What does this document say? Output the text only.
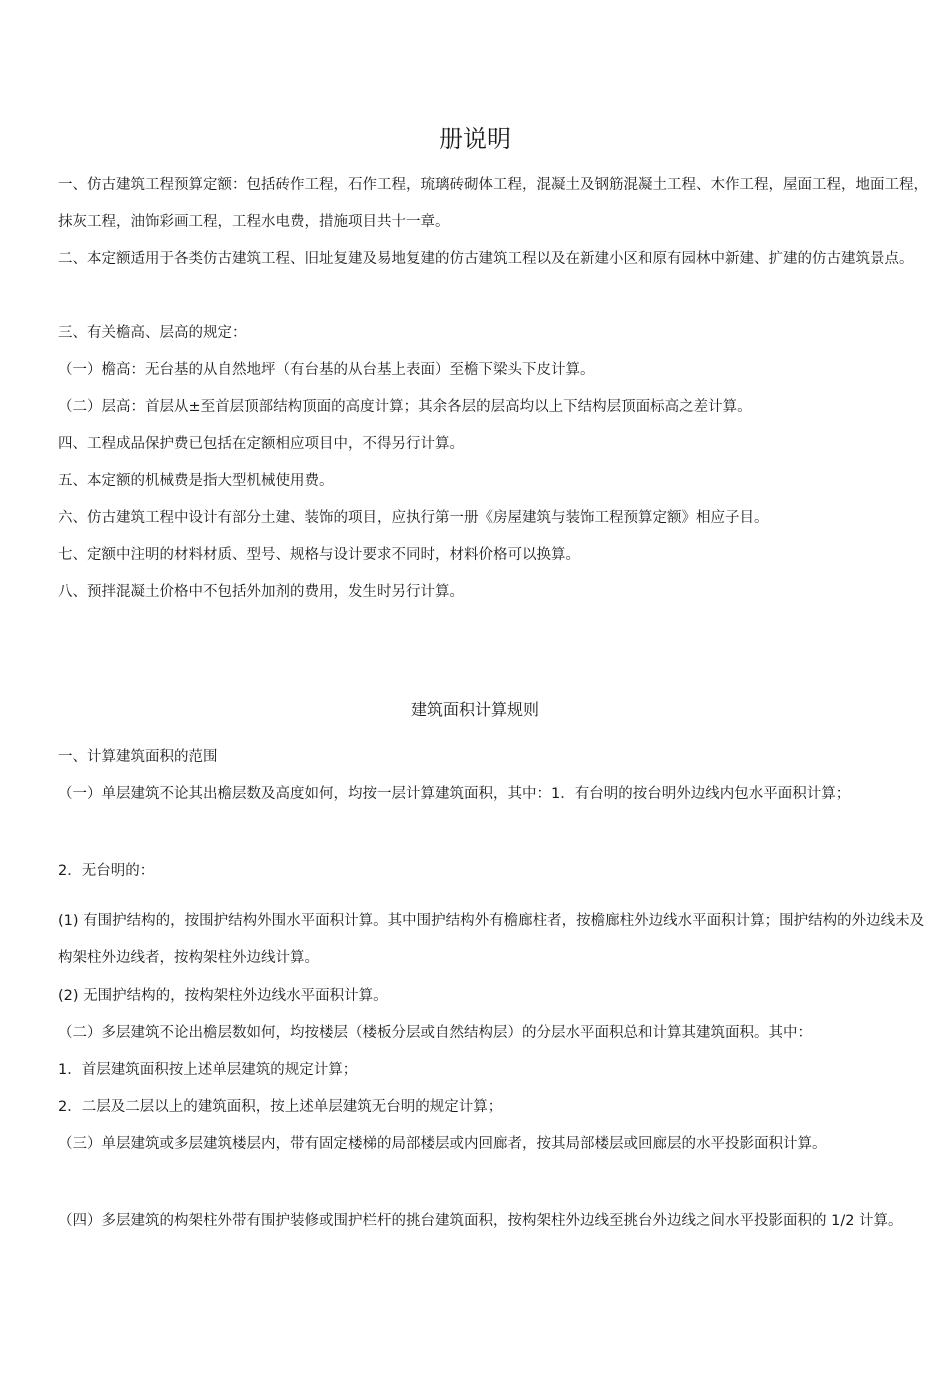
册说明
一、仿古建筑工程预算定额：包括砖作工程，石作工程，琉璃砖砌体工程，混凝土及钢筋混凝土工程、木作工程，屋面工程，地面工程，抹灰工程，油饰彩画工程，工程水电费，措施项目共十一章。
二、本定额适用于各类仿古建筑工程、旧址复建及易地复建的仿古建筑工程以及在新建小区和原有园林中新建、扩建的仿古建筑景点。
三、有关檐高、层高的规定：
（一）檐高：无台基的从自然地坪（有台基的从台基上表面）至檐下梁头下皮计算。
（二）层高：首层从±至首层顶部结构顶面的高度计算；其余各层的层高均以上下结构层顶面标高之差计算。
四、工程成品保护费已包括在定额相应项目中，不得另行计算。
五、本定额的机械费是指大型机械使用费。
六、仿古建筑工程中设计有部分土建、装饰的项目，应执行第一册《房屋建筑与装饰工程预算定额》相应子目。
七、定额中注明的材料材质、型号、规格与设计要求不同时，材料价格可以换算。
八、预拌混凝土价格中不包括外加剂的费用，发生时另行计算。
建筑面积计算规则
一、计算建筑面积的范围
（一）单层建筑不论其出檐层数及高度如何，均按一层计算建筑面积，其中：1．有台明的按台明外边线内包水平面积计算；
2．无台明的：
(1) 有围护结构的，按围护结构外围水平面积计算。其中围护结构外有檐廊柱者，按檐廊柱外边线水平面积计算；围护结构的外边线未及构架柱外边线者，按构架柱外边线计算。
(2) 无围护结构的，按构架柱外边线水平面积计算。
（二）多层建筑不论出檐层数如何，均按楼层（楼板分层或自然结构层）的分层水平面积总和计算其建筑面积。其中：
1．首层建筑面积按上述单层建筑的规定计算；
2．二层及二层以上的建筑面积，按上述单层建筑无台明的规定计算；
（三）单层建筑或多层建筑楼层内，带有固定楼梯的局部楼层或内回廊者，按其局部楼层或回廊层的水平投影面积计算。
（四）多层建筑的构架柱外带有围护装修或围护栏杆的挑台建筑面积，按构架柱外边线至挑台外边线之间水平投影面积的 1/2 计算。
